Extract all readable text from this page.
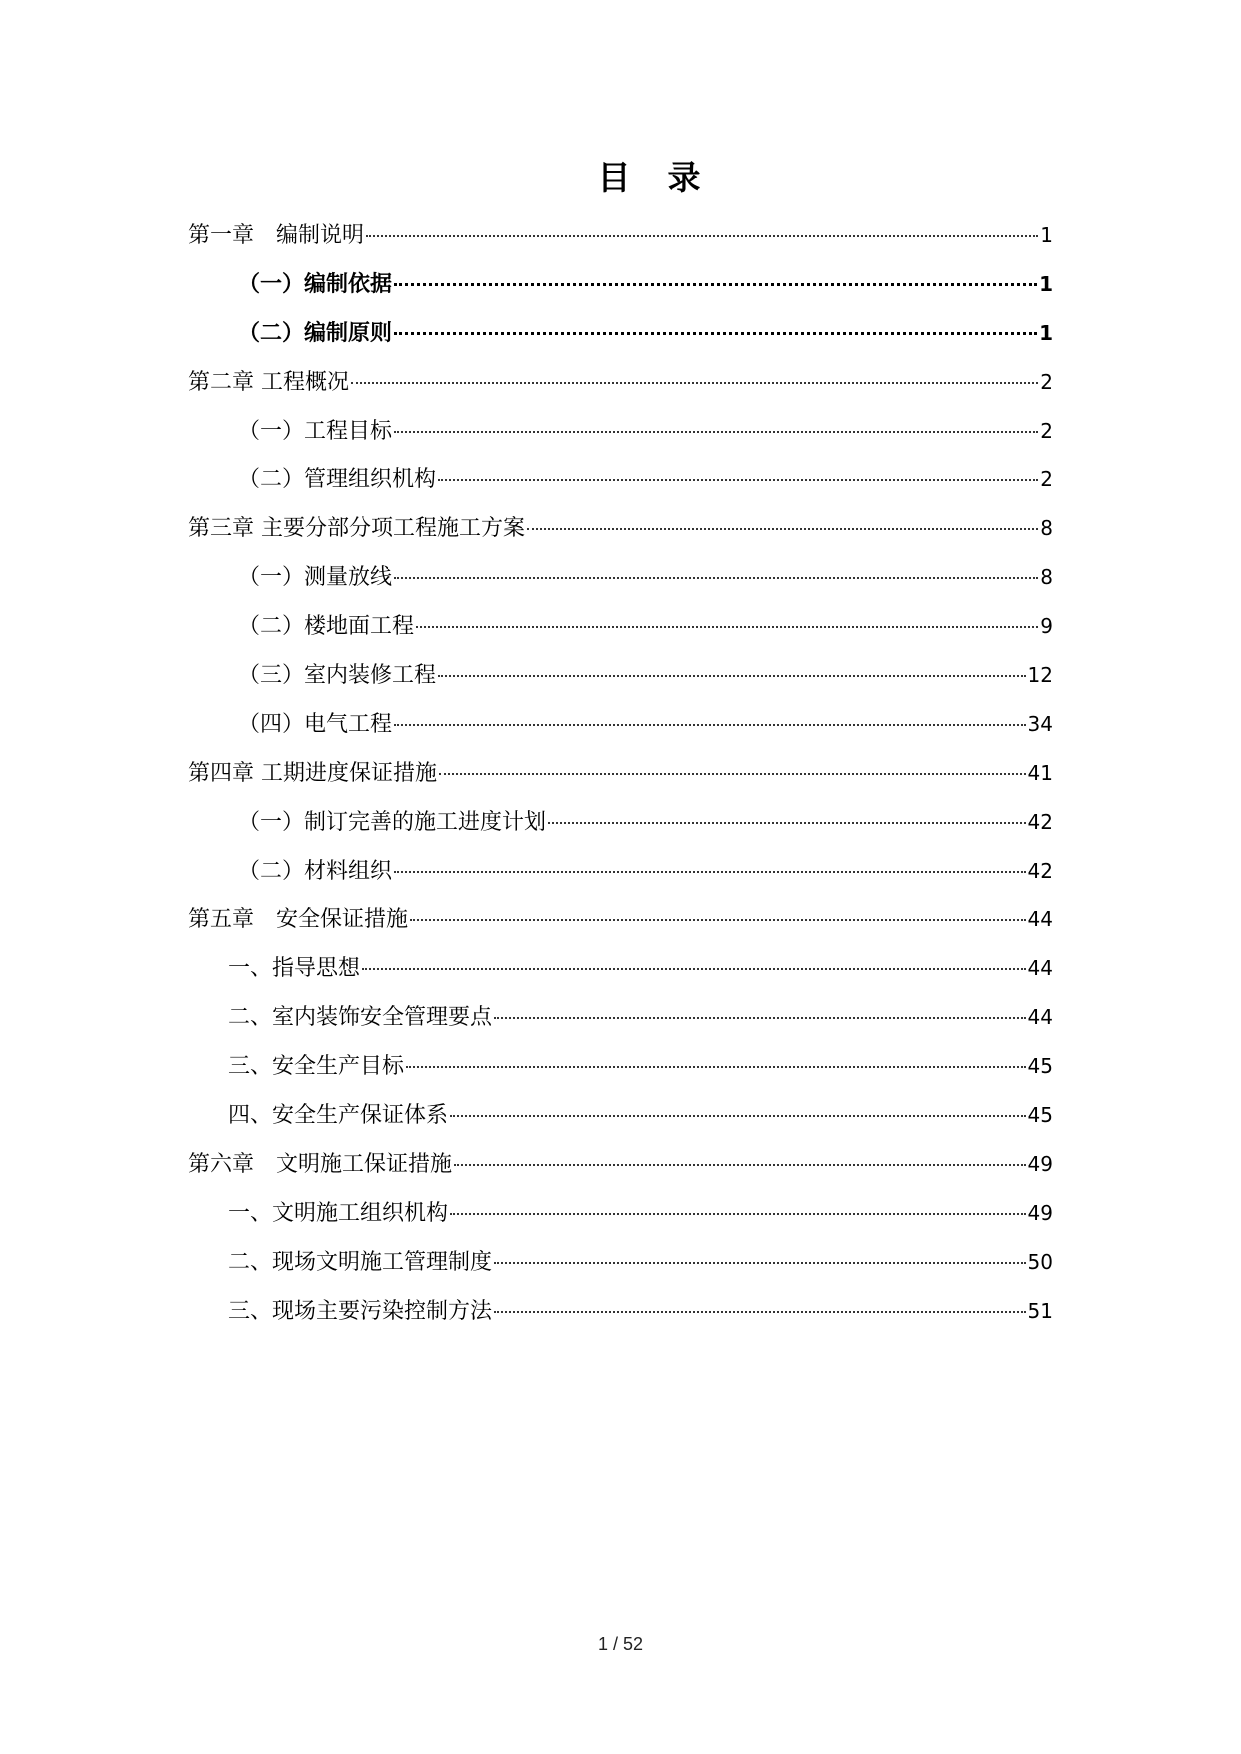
目　录
第一章　编制说明	1
（一）编制依据	1
（二）编制原则	1
第二章 工程概况	2
（一）工程目标	2
（二）管理组织机构	2
第三章 主要分部分项工程施工方案	8
（一）测量放线	8
（二）楼地面工程	9
（三）室内装修工程	12
（四）电气工程	34
第四章 工期进度保证措施	41
（一）制订完善的施工进度计划	42
（二）材料组织	42
第五章　安全保证措施	44
一、指导思想	44
二、室内装饰安全管理要点	44
三、安全生产目标	45
四、安全生产保证体系	45
第六章　文明施工保证措施	49
一、文明施工组织机构	49
二、现场文明施工管理制度	50
三、现场主要污染控制方法	51
1 / 52
